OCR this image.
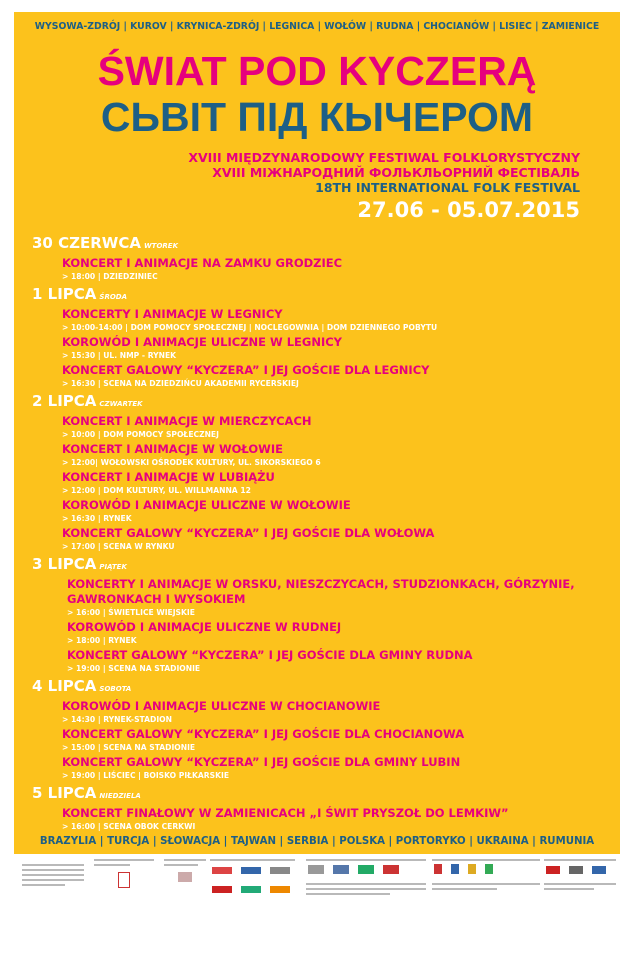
WYSOWA-ZDRÓJ | KUROV | KRYNICA-ZDRÓJ | LEGNICA | WOŁÓW | RUDNA | CHOCIANÓW | LISIEC | ZAMIENICE
ŚWIAT POD KYCZERĄ
СЬВІТ ПІД КЫЧЕРОМ
XVIII MIĘDZYNARODOWY FESTIWAL FOLKLORYSTYCZNY
XVIII МІЖНАРОДНИЙ ФОЛЬКЛЬОРНИЙ ФЕСТІВАЛЬ
18TH INTERNATIONAL FOLK FESTIVAL
27.06 - 05.07.2015
30 CZERWCA WTOREK
KONCERT I ANIMACJE NA ZAMKU GRODZIEC
> 18:00 | DZIEDZINIEC
1 LIPCA ŚRODA
KONCERTY I ANIMACJE W LEGNICY
> 10:00-14:00 | DOM POMOCY SPOŁECZNEJ | NOCLEGOWNIA | DOM DZIENNEGO POBYTU
KOROWÓD I ANIMACJE ULICZNE W LEGNICY
> 15:30 | UL. NMP - RYNEK
KONCERT GALOWY “KYCZERA” I JEJ GOŚCIE DLA LEGNICY
> 16:30 | SCENA NA DZIEDZIŃCU AKADEMII RYCERSKIEJ
2 LIPCA CZWARTEK
KONCERT I ANIMACJE W MIERCZYCACH
> 10:00 | DOM POMOCY SPOŁECZNEJ
KONCERT I ANIMACJE W WOŁOWIE
> 12:00| WOŁOWSKI OŚRODEK KULTURY, UL. SIKORSKIEGO 6
KONCERT I ANIMACJE W LUBIĄŻU
> 12:00 | DOM KULTURY, UL. WILLMANNA 12
KOROWÓD I ANIMACJE ULICZNE W WOŁOWIE
> 16:30 | RYNEK
KONCERT GALOWY “KYCZERA” I JEJ GOŚCIE DLA WOŁOWA
> 17:00 | SCENA W RYNKU
3 LIPCA PIĄTEK
KONCERTY I ANIMACJE W ORSKU, NIESZCZYCACH, STUDZIONKACH, GÓRZYNIE, GAWRONKACH I WYSOKIEM
> 16:00 | ŚWIETLICE WIEJSKIE
KOROWÓD I ANIMACJE ULICZNE W RUDNEJ
> 18:00 | RYNEK
KONCERT GALOWY “KYCZERA” I JEJ GOŚCIE DLA GMINY RUDNA
> 19:00 | SCENA NA STADIONIE
4 LIPCA SOBOTA
KOROWÓD I ANIMACJE ULICZNE W CHOCIANOWIE
> 14:30 | RYNEK-STADION
KONCERT GALOWY “KYCZERA” I JEJ GOŚCIE DLA CHOCIANOWA
> 15:00 | SCENA NA STADIONIE
KONCERT GALOWY “KYCZERA” I JEJ GOŚCIE DLA GMINY LUBIN
> 19:00 | LIŚCIEC | BOISKO PIŁKARSKIE
5 LIPCA NIEDZIELA
KONCERT FINAŁOWY W ZAMIENICACH „I ŚWIT PRYSZOŁ DO LEMKIW”
> 16:00 | SCENA OBOK CERKWI
BRAZYLIA | TURCJA | SŁOWACJA | TAJWAN | SERBIA | POLSKA | PORTORYKO | UKRAINA | RUMUNIA
